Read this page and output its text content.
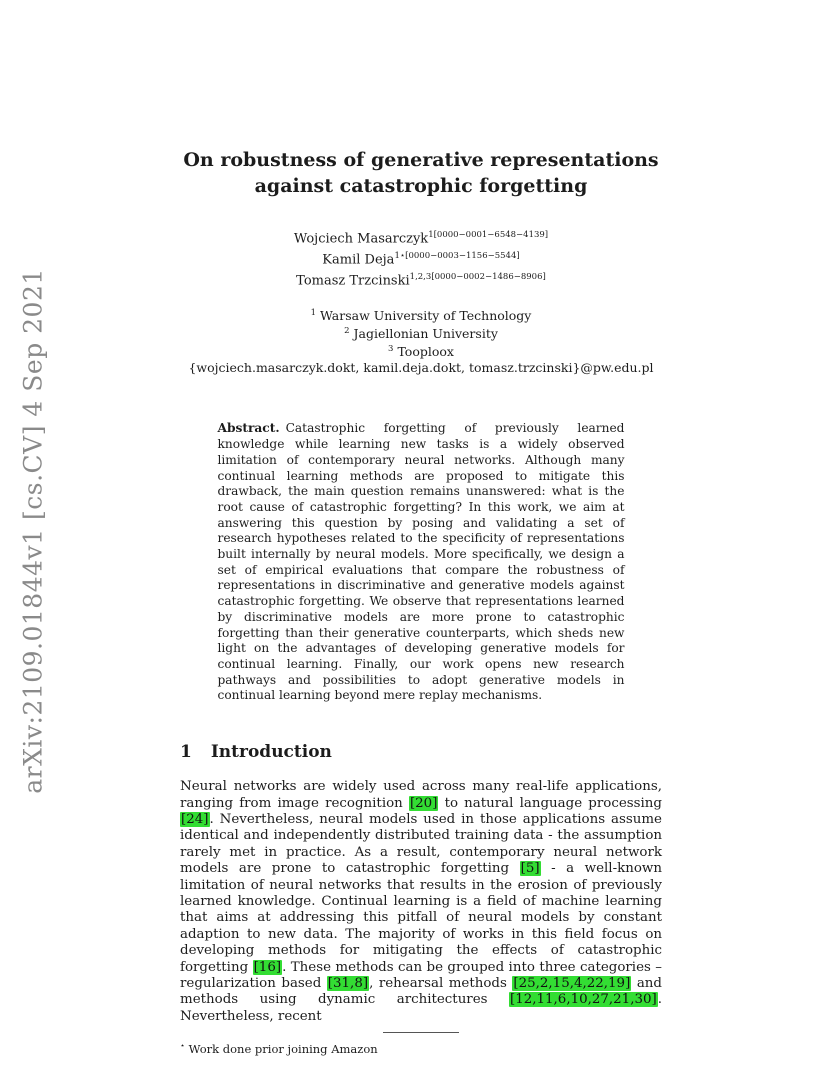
arXiv:2109.01844v1 [cs.CV] 4 Sep 2021
On robustness of generative representations
against catastrophic forgetting
Wojciech Masarczyk$^{1[0000-0001-6548-4139]}$
Kamil Deja$^{1⋆[0000-0003-1156-5544]}$
Tomasz Trzcinski$^{1,2,3[0000-0002-1486-8906]}$
$^1$ Warsaw University of Technology
$^2$ Jagiellonian University
$^3$ Tooploox
{wojciech.masarczyk.dokt, kamil.deja.dokt, tomasz.trzcinski}@pw.edu.pl
Abstract. Catastrophic forgetting of previously learned knowledge while learning new tasks is a widely observed limitation of contemporary neural networks. Although many continual learning methods are proposed to mitigate this drawback, the main question remains unanswered: what is the root cause of catastrophic forgetting? In this work, we aim at answering this question by posing and validating a set of research hypotheses related to the specificity of representations built internally by neural models. More specifically, we design a set of empirical evaluations that compare the robustness of representations in discriminative and generative models against catastrophic forgetting. We observe that representations learned by discriminative models are more prone to catastrophic forgetting than their generative counterparts, which sheds new light on the advantages of developing generative models for continual learning. Finally, our work opens new research pathways and possibilities to adopt generative models in continual learning beyond mere replay mechanisms.
1 Introduction
Neural networks are widely used across many real-life applications, ranging from image recognition [20] to natural language processing [24]. Nevertheless, neural models used in those applications assume identical and independently distributed training data - the assumption rarely met in practice. As a result, contemporary neural network models are prone to catastrophic forgetting [5] - a well-known limitation of neural networks that results in the erosion of previously learned knowledge. Continual learning is a field of machine learning that aims at addressing this pitfall of neural models by constant adaption to new data. The majority of works in this field focus on developing methods for mitigating the effects of catastrophic forgetting [16]. These methods can be grouped into three categories – regularization based [31,8], rehearsal methods [25,2,15,4,22,19] and methods using dynamic architectures [12,11,6,10,27,21,30]. Nevertheless, recent
⋆ Work done prior joining Amazon
